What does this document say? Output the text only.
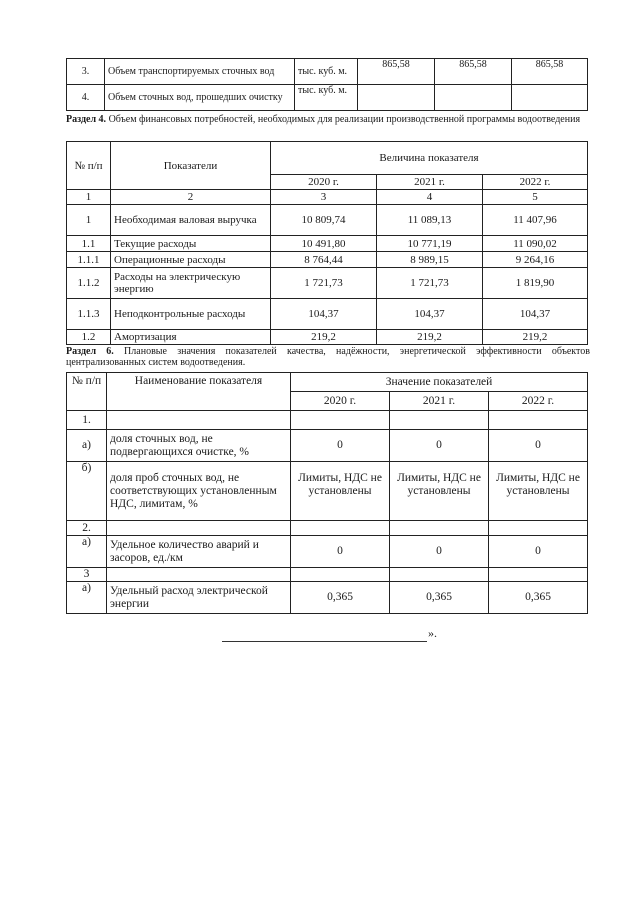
3.	Объем транспортируемых сточных вод	тыс. куб. м.	865,58	865,58	865,58
4.	Объем сточных вод, прошедших очистку	тыс. куб. м.			
Раздел 4. Объем финансовых потребностей, необходимых для реализации производственной программы водоотведения
№ п/п	Показатели	Величина показателя		
		2020 г.	2021 г.	2022 г.
1	2	3	4	5
1	Необходимая валовая выручка	10 809,74	11 089,13	11 407,96
1.1	Текущие расходы	10 491,80	10 771,19	11 090,02
1.1.1	Операционные расходы	8 764,44	8 989,15	9 264,16
1.1.2	Расходы на электрическую энергию	1 721,73	1 721,73	1 819,90
1.1.3	Неподконтрольные расходы	104,37	104,37	104,37
1.2	Амортизация	219,2	219,2	219,2
Раздел 6. Плановые значения показателей качества, надёжности, энергетической эффективности объектов централизованных систем водоотведения.
№ п/п	Наименование показателя	Значение показателей		
		2020 г.	2021 г.	2022 г.
1.				
а)	доля сточных вод, не подвергающихся очистке, %	0	0	0
б)	доля проб сточных вод, не соответствующих установленным НДС, лимитам, %	Лимиты, НДС не установлены	Лимиты, НДС не установлены	Лимиты, НДС не установлены
2.				
а)	Удельное количество аварий и засоров, ед./км	0	0	0
3				
а)	Удельный расход электрической энергии	0,365	0,365	0,365
».
